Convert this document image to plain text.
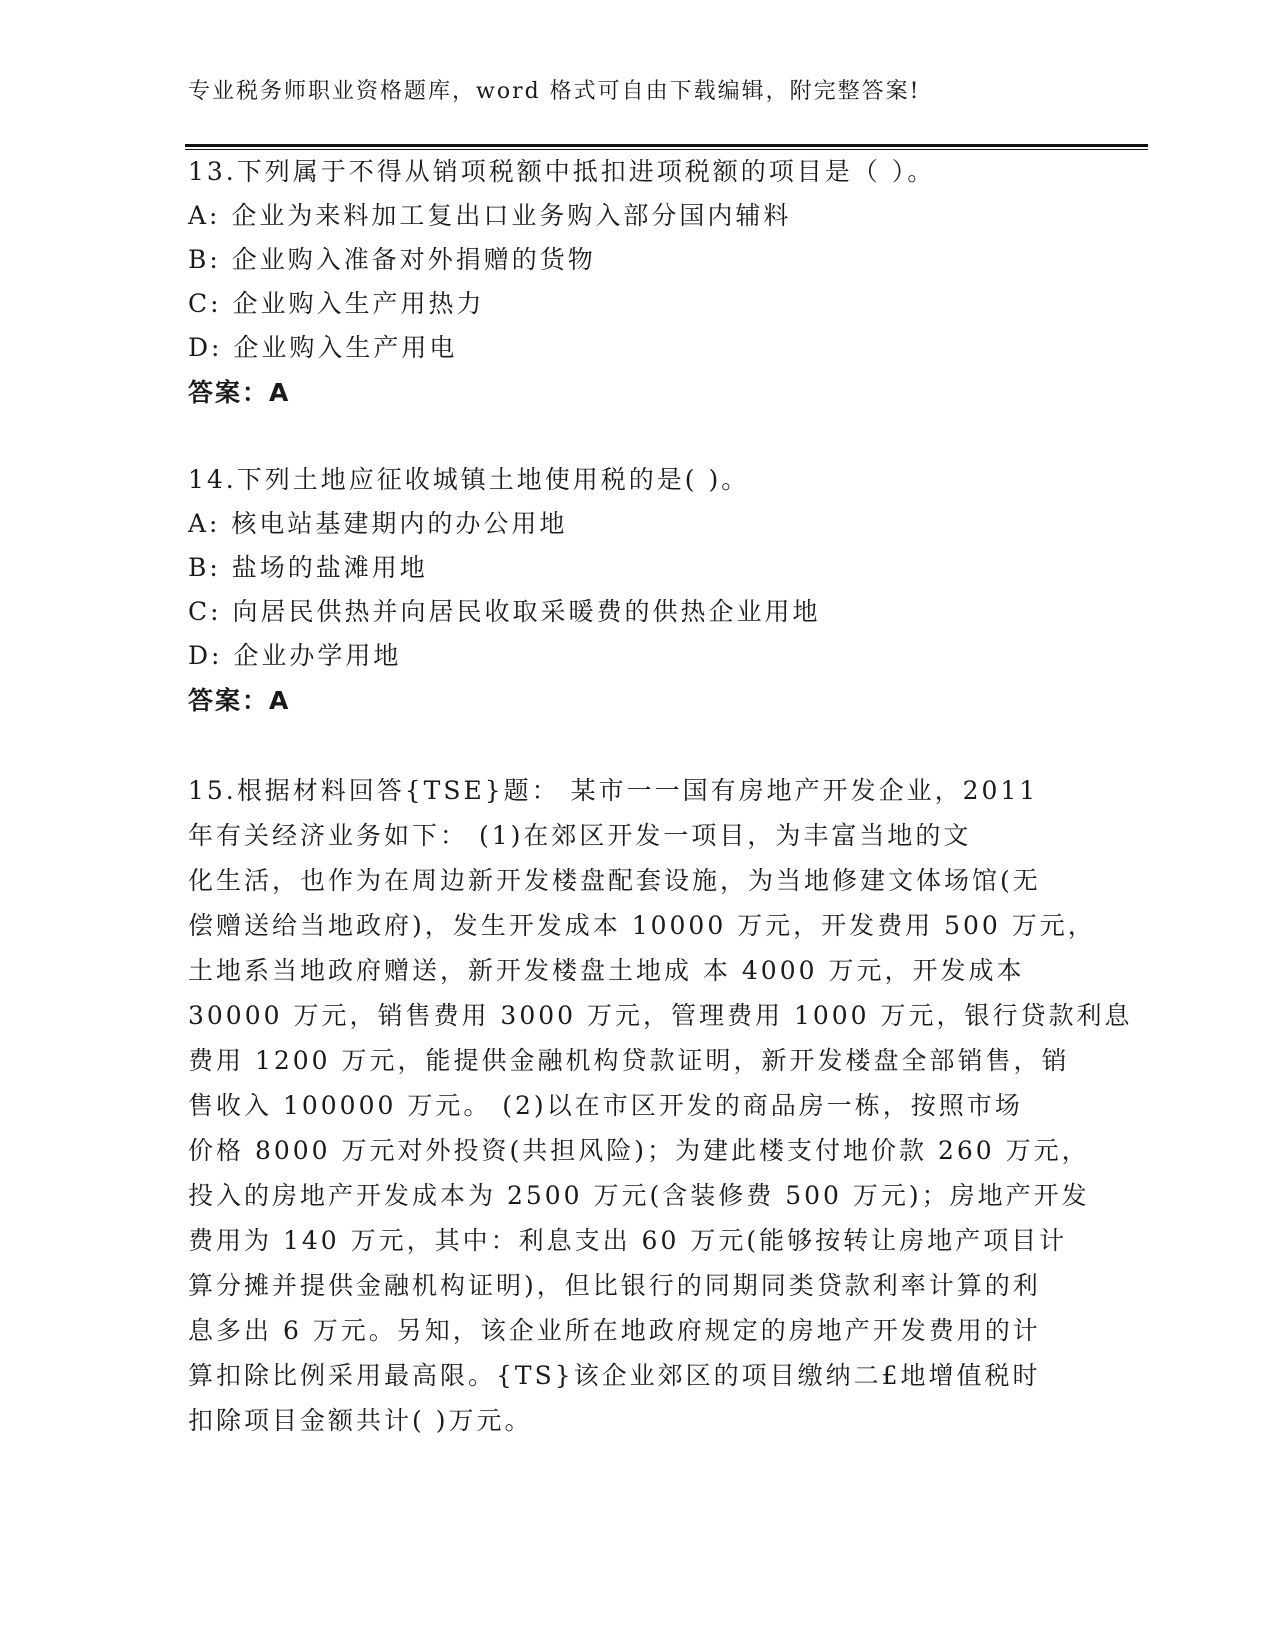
专业税务师职业资格题库，word 格式可自由下载编辑，附完整答案!
13.下列属于不得从销项税额中抵扣进项税额的项目是（ ）。
A: 企业为来料加工复出口业务购入部分国内辅料
B: 企业购入准备对外捐赠的货物
C: 企业购入生产用热力
D: 企业购入生产用电
答案：A
14.下列土地应征收城镇土地使用税的是( )。
A: 核电站基建期内的办公用地
B: 盐场的盐滩用地
C: 向居民供热并向居民收取采暖费的供热企业用地
D: 企业办学用地
答案：A
15.根据材料回答{TSE}题： 某市一一国有房地产开发企业，2011
年有关经济业务如下： (1)在郊区开发一项目，为丰富当地的文
化生活，也作为在周边新开发楼盘配套设施，为当地修建文体场馆(无
偿赠送给当地政府)，发生开发成本 10000 万元，开发费用 500 万元，
土地系当地政府赠送，新开发楼盘土地成 本 4000 万元，开发成本
30000 万元，销售费用 3000 万元，管理费用 1000 万元，银行贷款利息
费用 1200 万元，能提供金融机构贷款证明，新开发楼盘全部销售，销
售收入 100000 万元。 (2)以在市区开发的商品房一栋，按照市场
价格 8000 万元对外投资(共担风险)；为建此楼支付地价款 260 万元，
投入的房地产开发成本为 2500 万元(含装修费 500 万元)；房地产开发
费用为 140 万元，其中：利息支出 60 万元(能够按转让房地产项目计
算分摊并提供金融机构证明)，但比银行的同期同类贷款利率计算的利
息多出 6 万元。另知，该企业所在地政府规定的房地产开发费用的计
算扣除比例采用最高限。{TS}该企业郊区的项目缴纳二£地增值税时
扣除项目金额共计( )万元。
